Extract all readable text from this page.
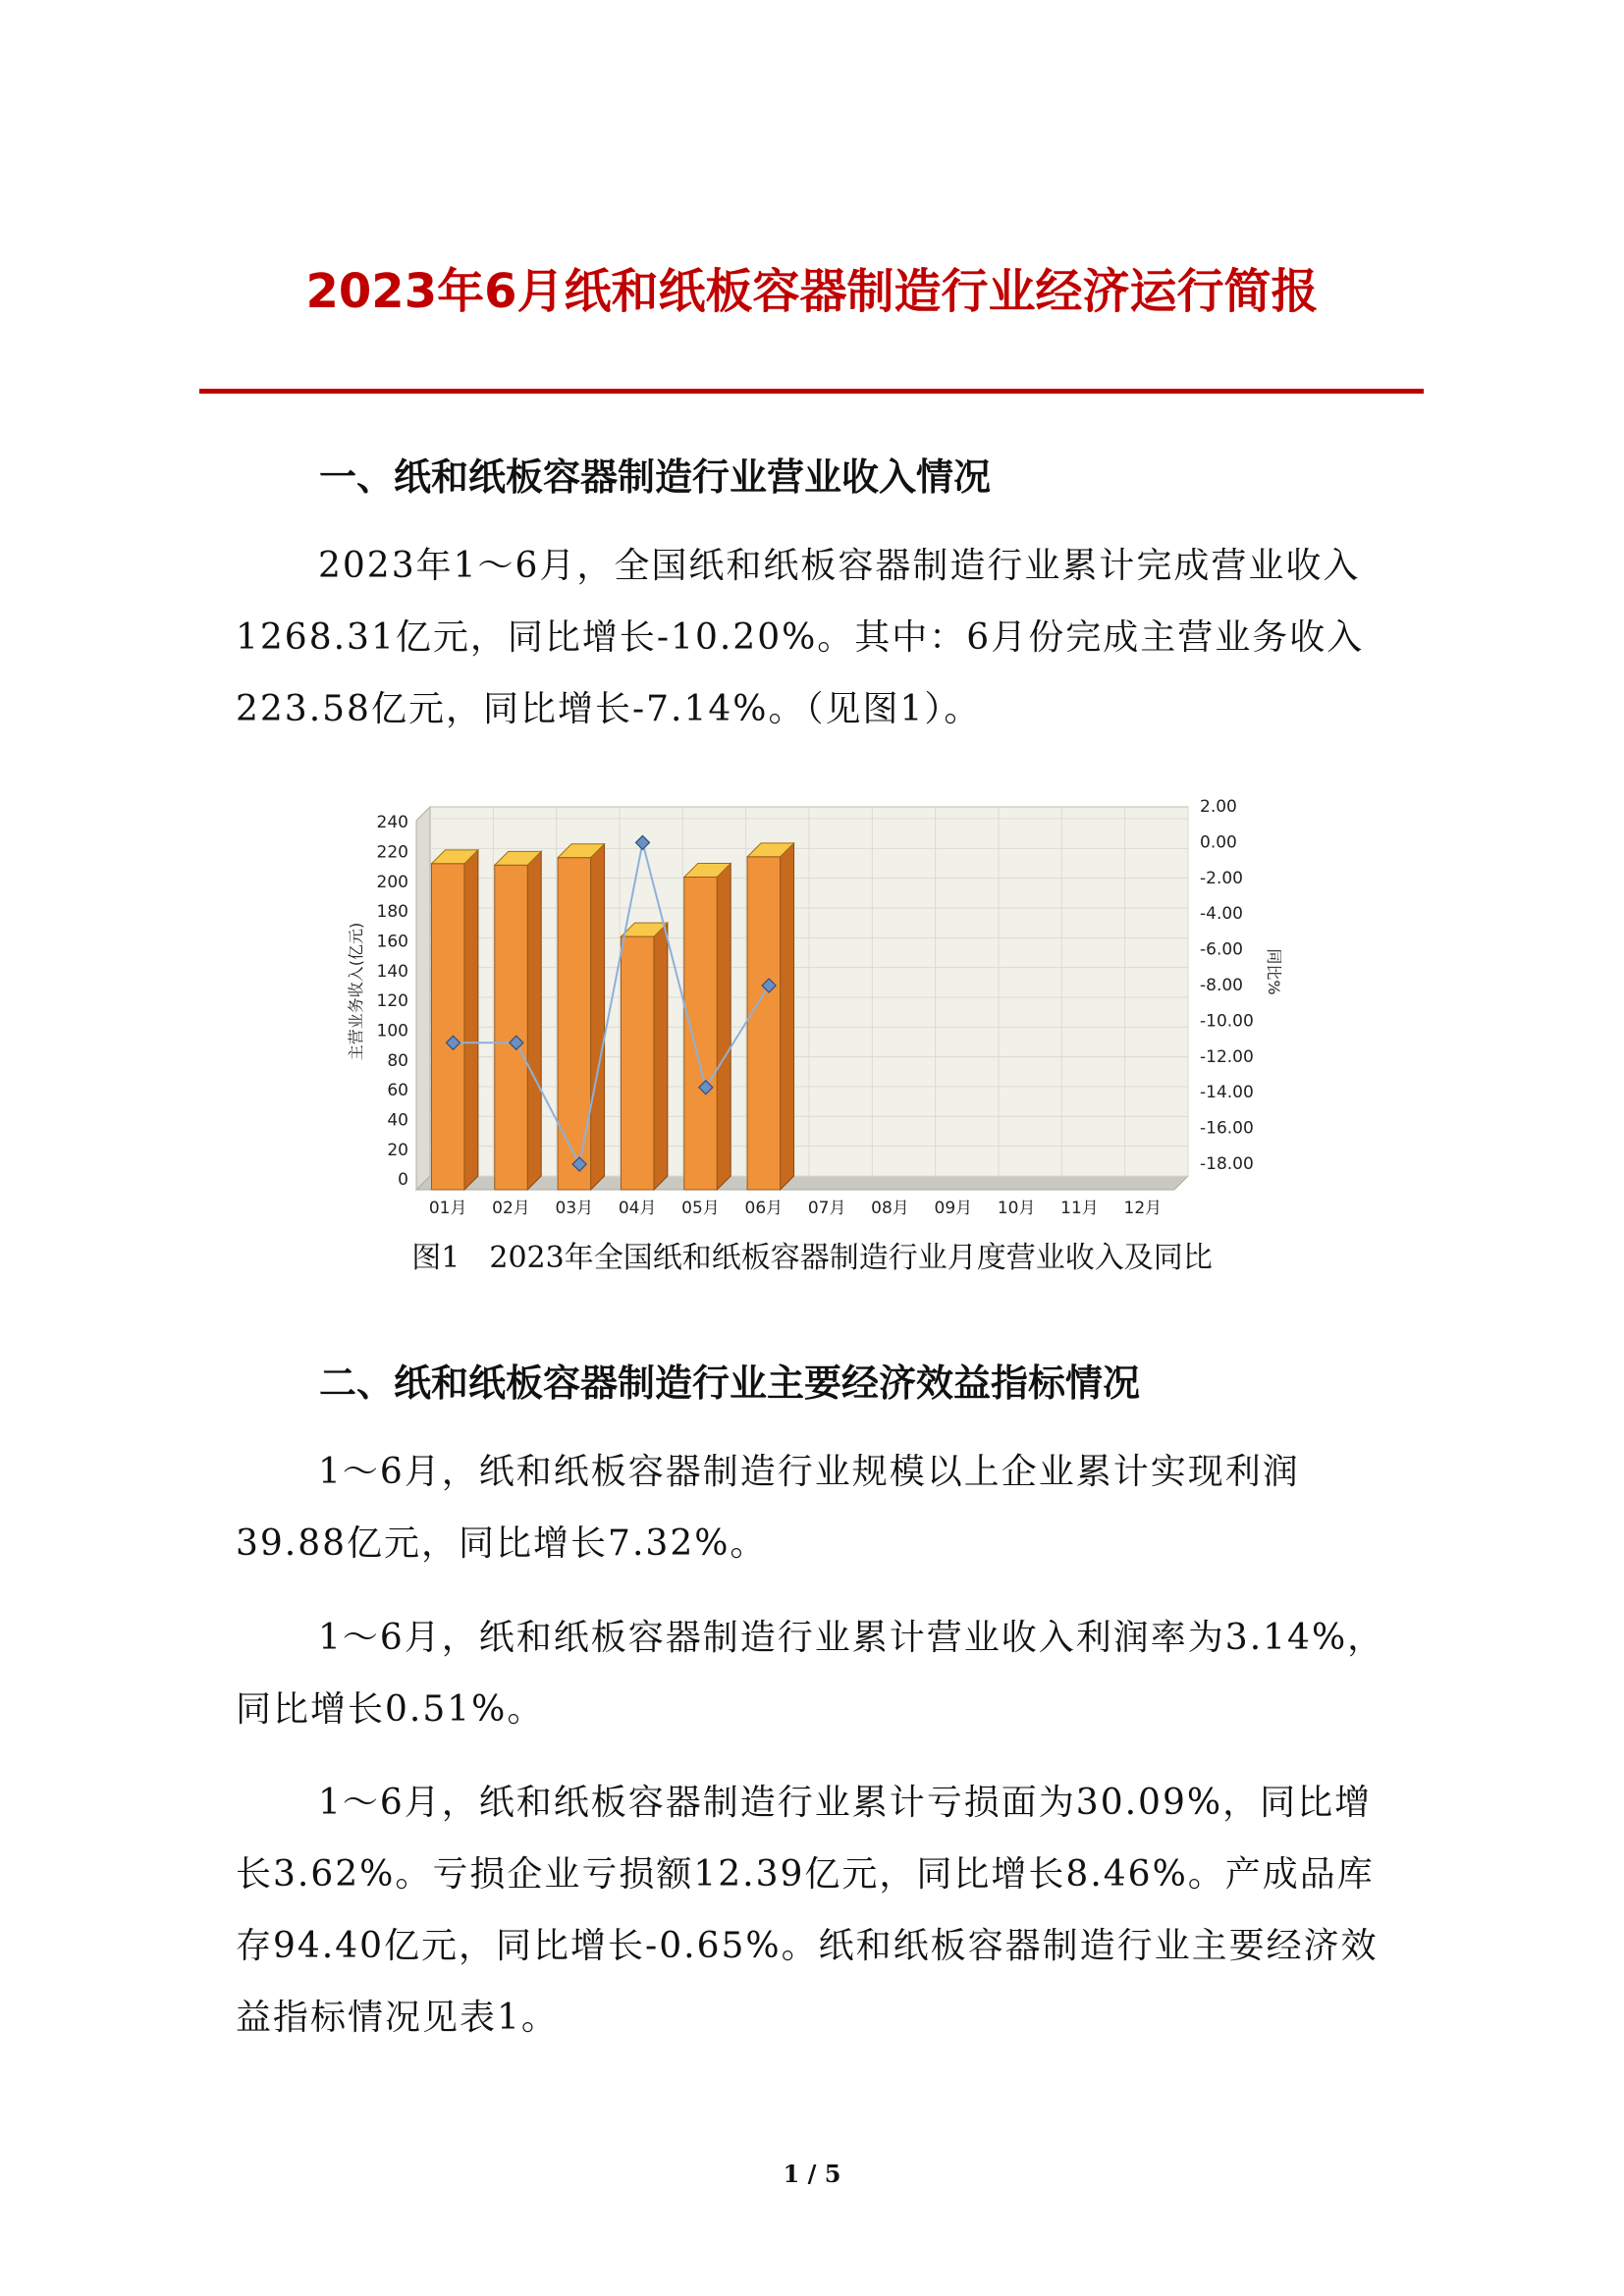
2023年6月纸和纸板容器制造行业经济运行简报
一、纸和纸板容器制造行业营业收入情况
2023年1～6月，全国纸和纸板容器制造行业累计完成营业收入1268.31亿元，同比增长-10.20%。其中：6月份完成主营业务收入223.58亿元，同比增长-7.14%。（见图1）。
0
20
40
60
80
100
120
140
160
180
200
220
240
2.00
0.00
-2.00
-4.00
-6.00
-8.00
-10.00
-12.00
-14.00
-16.00
-18.00
01月 02月 03月 04月 05月 06月 07月 08月 09月 10月 11月 12月
主营业务收入(亿元)	同比%
图1　2023年全国纸和纸板容器制造行业月度营业收入及同比
二、纸和纸板容器制造行业主要经济效益指标情况
1～6月，纸和纸板容器制造行业规模以上企业累计实现利润39.88亿元，同比增长7.32%。
1～6月，纸和纸板容器制造行业累计营业收入利润率为3.14%，同比增长0.51%。
1～6月，纸和纸板容器制造行业累计亏损面为30.09%，同比增长3.62%。亏损企业亏损额12.39亿元，同比增长8.46%。产成品库存94.40亿元，同比增长-0.65%。纸和纸板容器制造行业主要经济效益指标情况见表1。
1 / 5
